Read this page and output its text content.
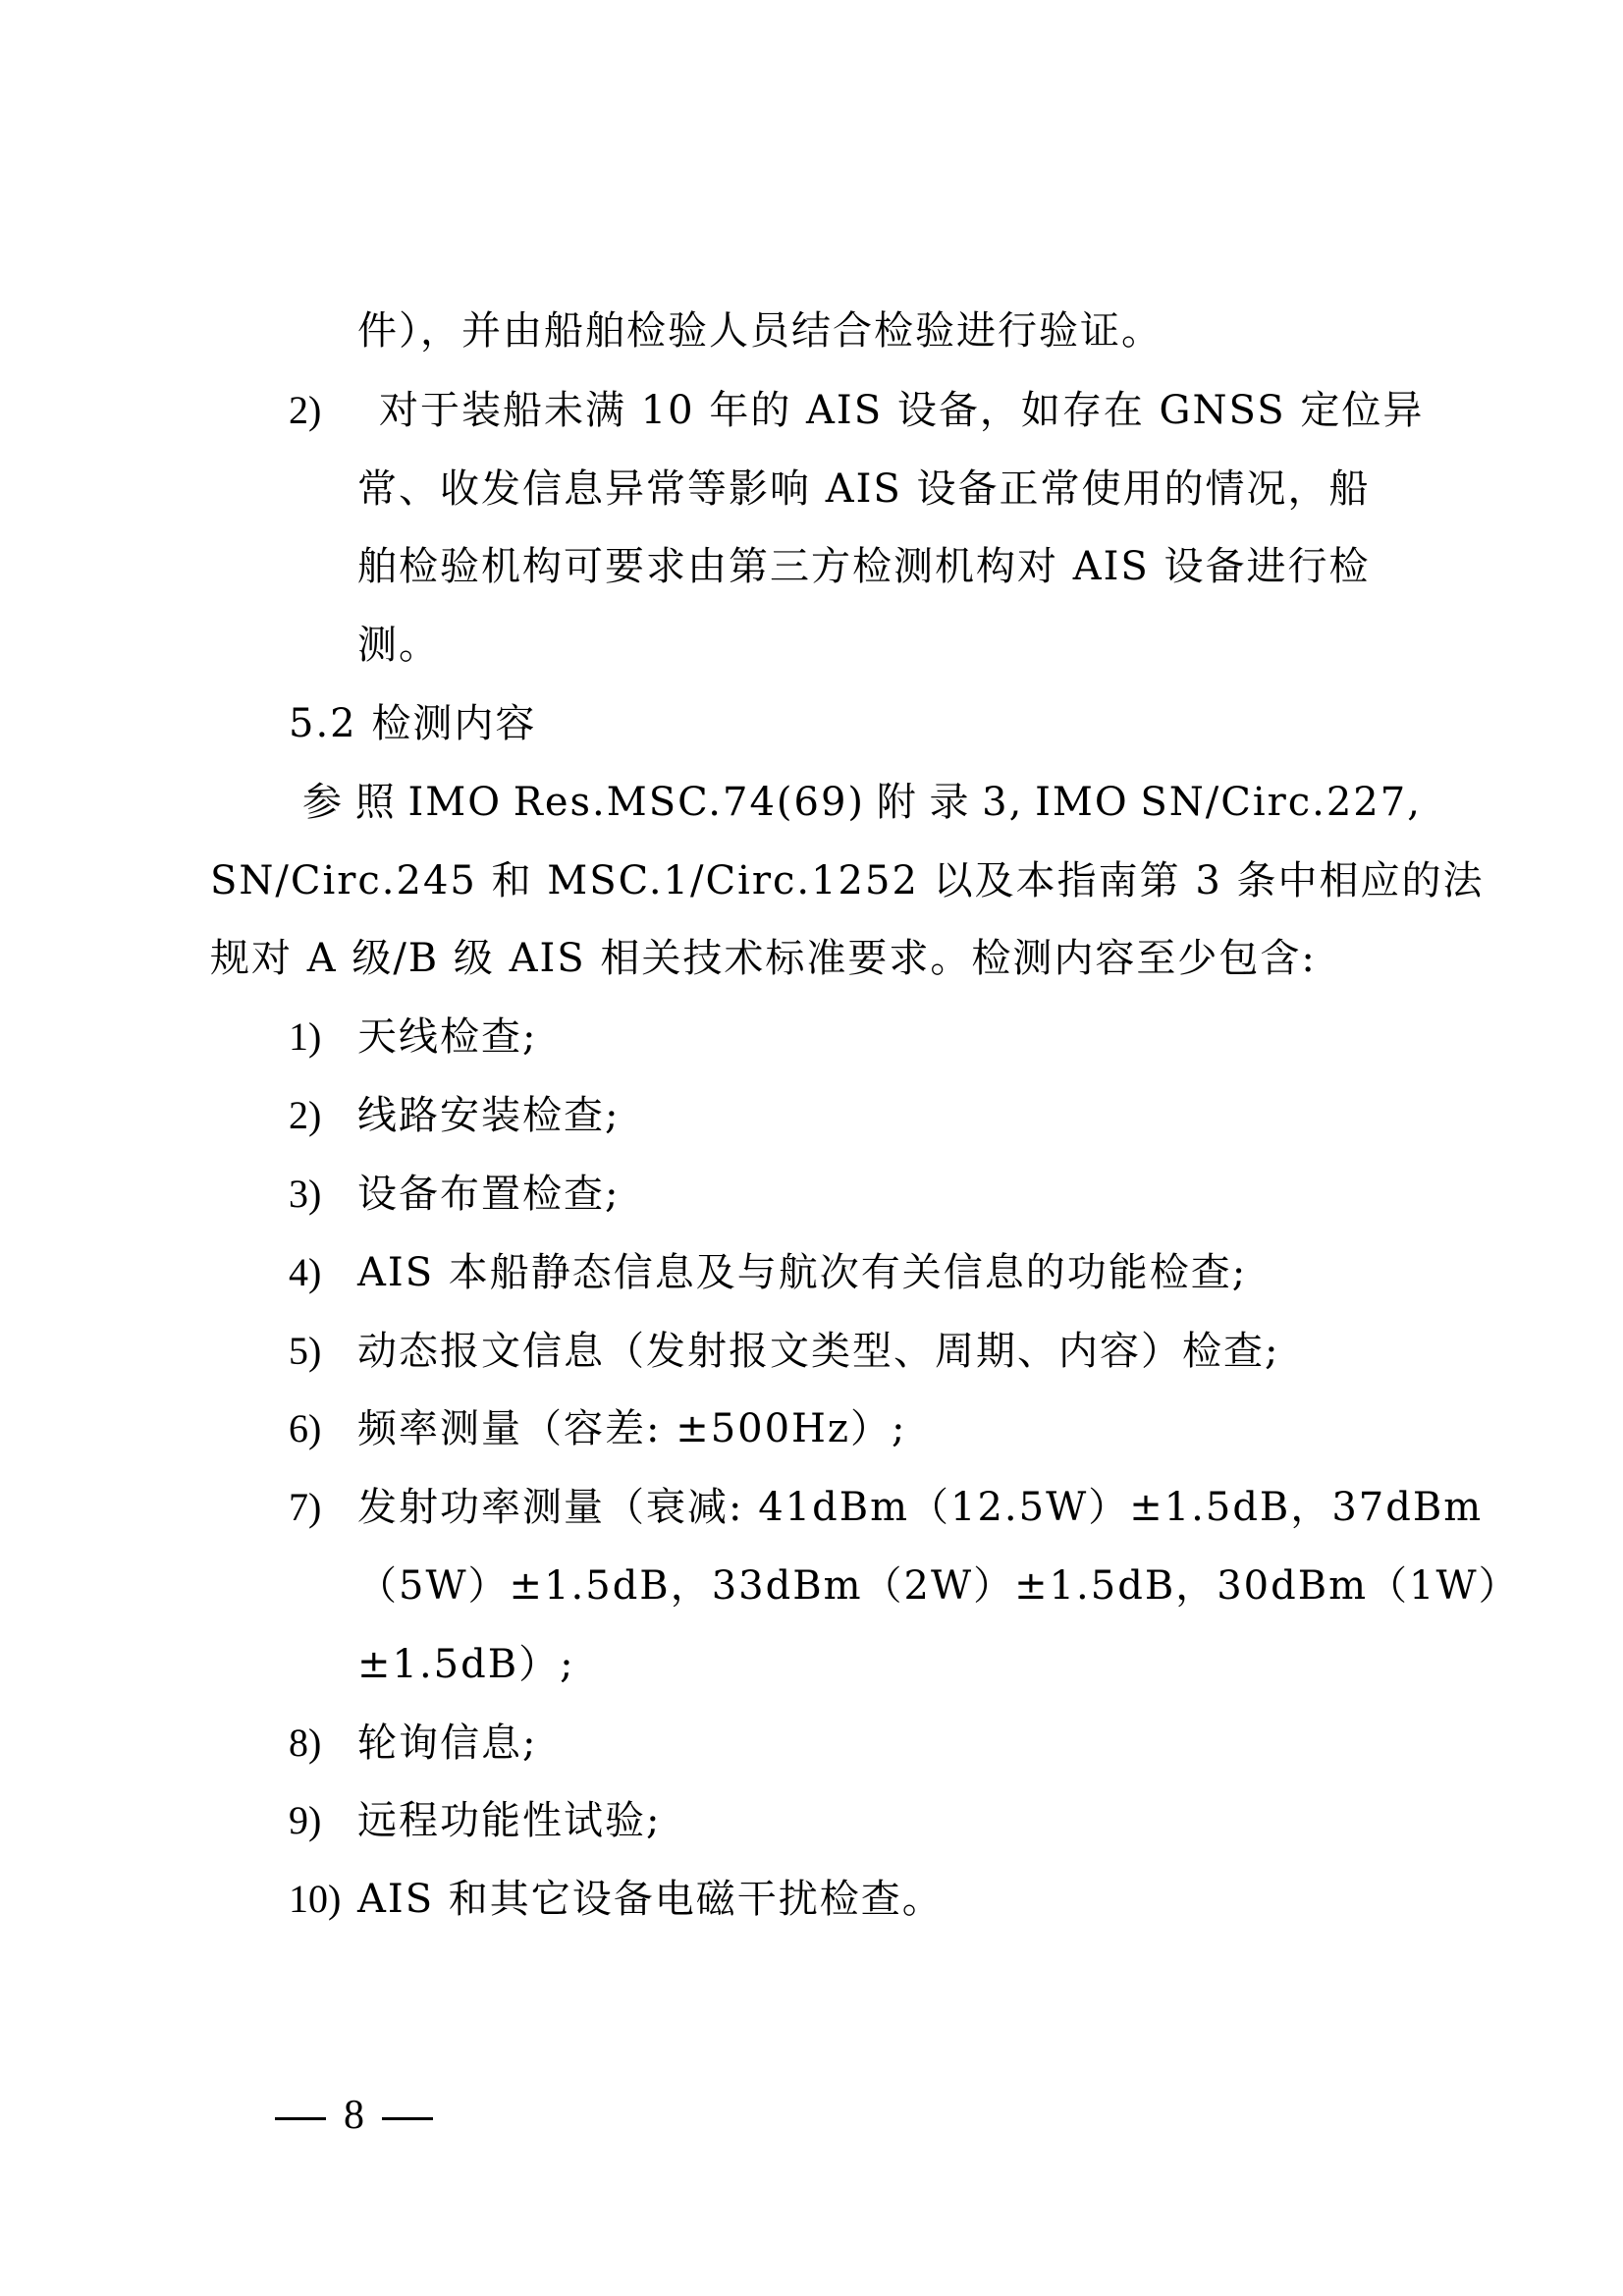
件），并由船舶检验人员结合检验进行验证。
2) 对于装船未满 10 年的 AIS 设备，如存在 GNSS 定位异
常、收发信息异常等影响 AIS 设备正常使用的情况，船
舶检验机构可要求由第三方检测机构对 AIS 设备进行检
测。
5.2 检测内容
参 照 IMO Res.MSC.74(69) 附 录 3, IMO SN/Circ.227,
SN/Circ.245 和 MSC.1/Circ.1252 以及本指南第 3 条中相应的法
规对 A 级/B 级 AIS 相关技术标准要求。检测内容至少包含:
1) 天线检查;
2) 线路安装检查;
3) 设备布置检查;
4) AIS 本船静态信息及与航次有关信息的功能检查;
5) 动态报文信息（发射报文类型、周期、内容）检查;
6) 频率测量（容差: ±500Hz）;
7) 发射功率测量（衰减: 41dBm（12.5W）±1.5dB，37dBm
（5W）±1.5dB，33dBm（2W）±1.5dB，30dBm（1W）
±1.5dB）;
8) 轮询信息;
9) 远程功能性试验;
10) AIS 和其它设备电磁干扰检查。
8
